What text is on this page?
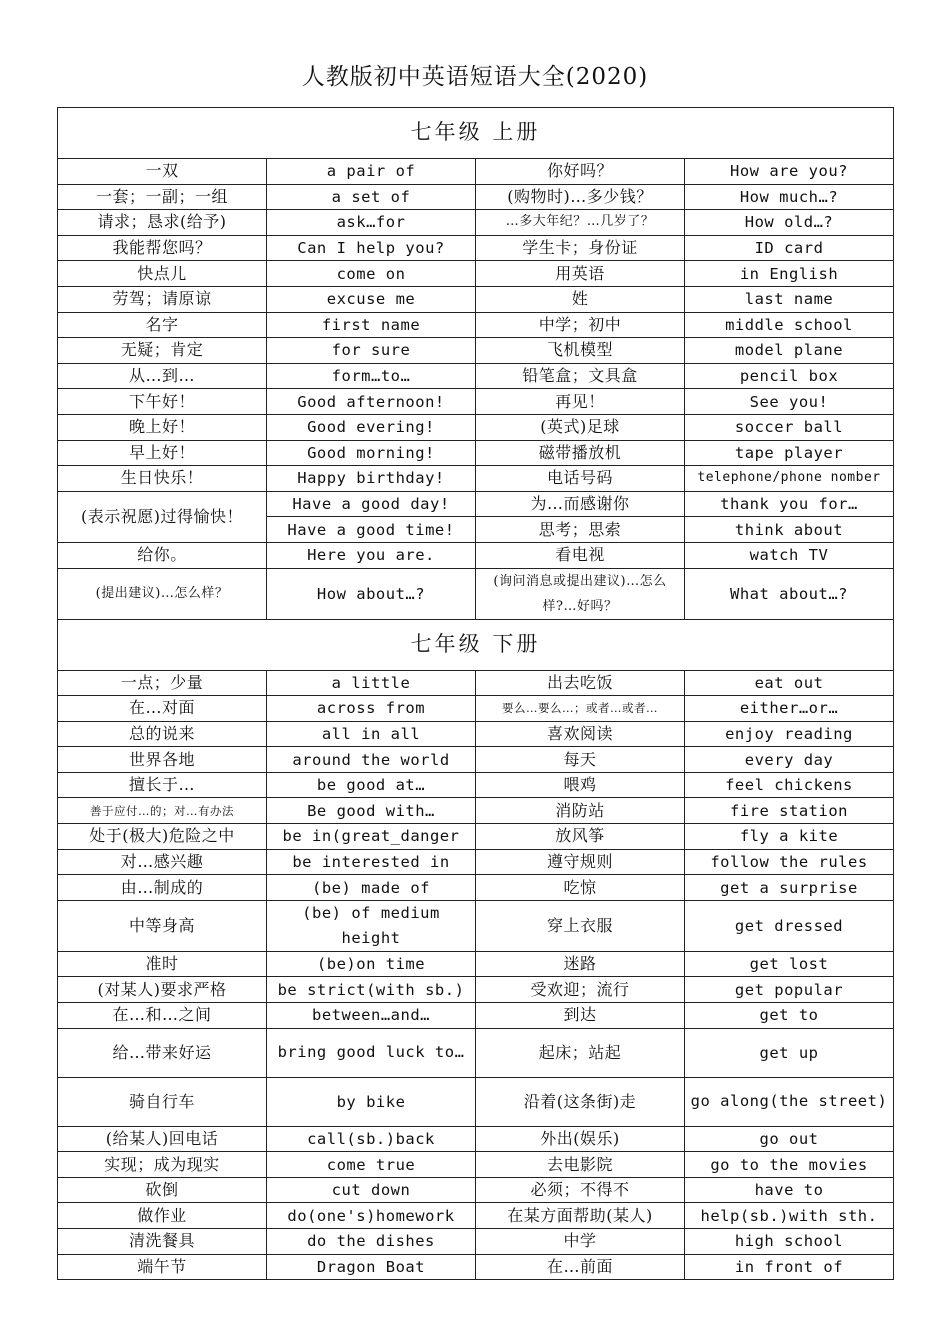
人教版初中英语短语大全(2020)
七年级 上册			
一双	a pair of	你好吗？	How are you?
一套；一副；一组	a set of	(购物时)…多少钱？	How much…?
请求；恳求(给予)	ask…for	…多大年纪？…几岁了？	How old…?
我能帮您吗？	Can I help you?	学生卡；身份证	ID card
快点儿	come on	用英语	in English
劳驾；请原谅	excuse me	姓	last name
名字	first name	中学；初中	middle school
无疑；肯定	for sure	飞机模型	model plane
从…到…	form…to…	铅笔盒；文具盒	pencil box
下午好！	Good afternoon!	再见！	See you!
晚上好！	Good evering!	(英式)足球	soccer ball
早上好！	Good morning!	磁带播放机	tape player
生日快乐！	Happy birthday!	电话号码	telephone/phone nomber
(表示祝愿)过得愉快！	Have a good day!	为…而感谢你	thank you for…
	Have a good time!	思考；思索	think about
给你。	Here you are.	看电视	watch TV
(提出建议)…怎么样？	How about…?	(询问消息或提出建议)…怎么样?…好吗？	What about…?
七年级 下册			
一点；少量	a little	出去吃饭	eat out
在…对面	across from	要么…要么…；或者…或者…	either…or…
总的说来	all in all	喜欢阅读	enjoy reading
世界各地	around the world	每天	every day
擅长于…	be good at…	喂鸡	feel chickens
善于应付…的；对…有办法	Be good with…	消防站	fire station
处于(极大)危险之中	be in(great_danger	放风筝	fly a kite
对…感兴趣	be interested in	遵守规则	follow the rules
由…制成的	(be) made of	吃惊	get a surprise
中等身高	(be) of medium height	穿上衣服	get dressed
准时	(be)on time	迷路	get lost
(对某人)要求严格	be strict(with sb.)	受欢迎；流行	get popular
在…和…之间	between…and…	到达	get to
给…带来好运	bring good luck to…	起床；站起	get up
骑自行车	by bike	沿着(这条街)走	go along(the street)
(给某人)回电话	call(sb.)back	外出(娱乐)	go out
实现；成为现实	come true	去电影院	go to the movies
砍倒	cut down	必须；不得不	have to
做作业	do(one's)homework	在某方面帮助(某人)	help(sb.)with sth.
清洗餐具	do the dishes	中学	high school
端午节	Dragon Boat	在…前面	in front of
